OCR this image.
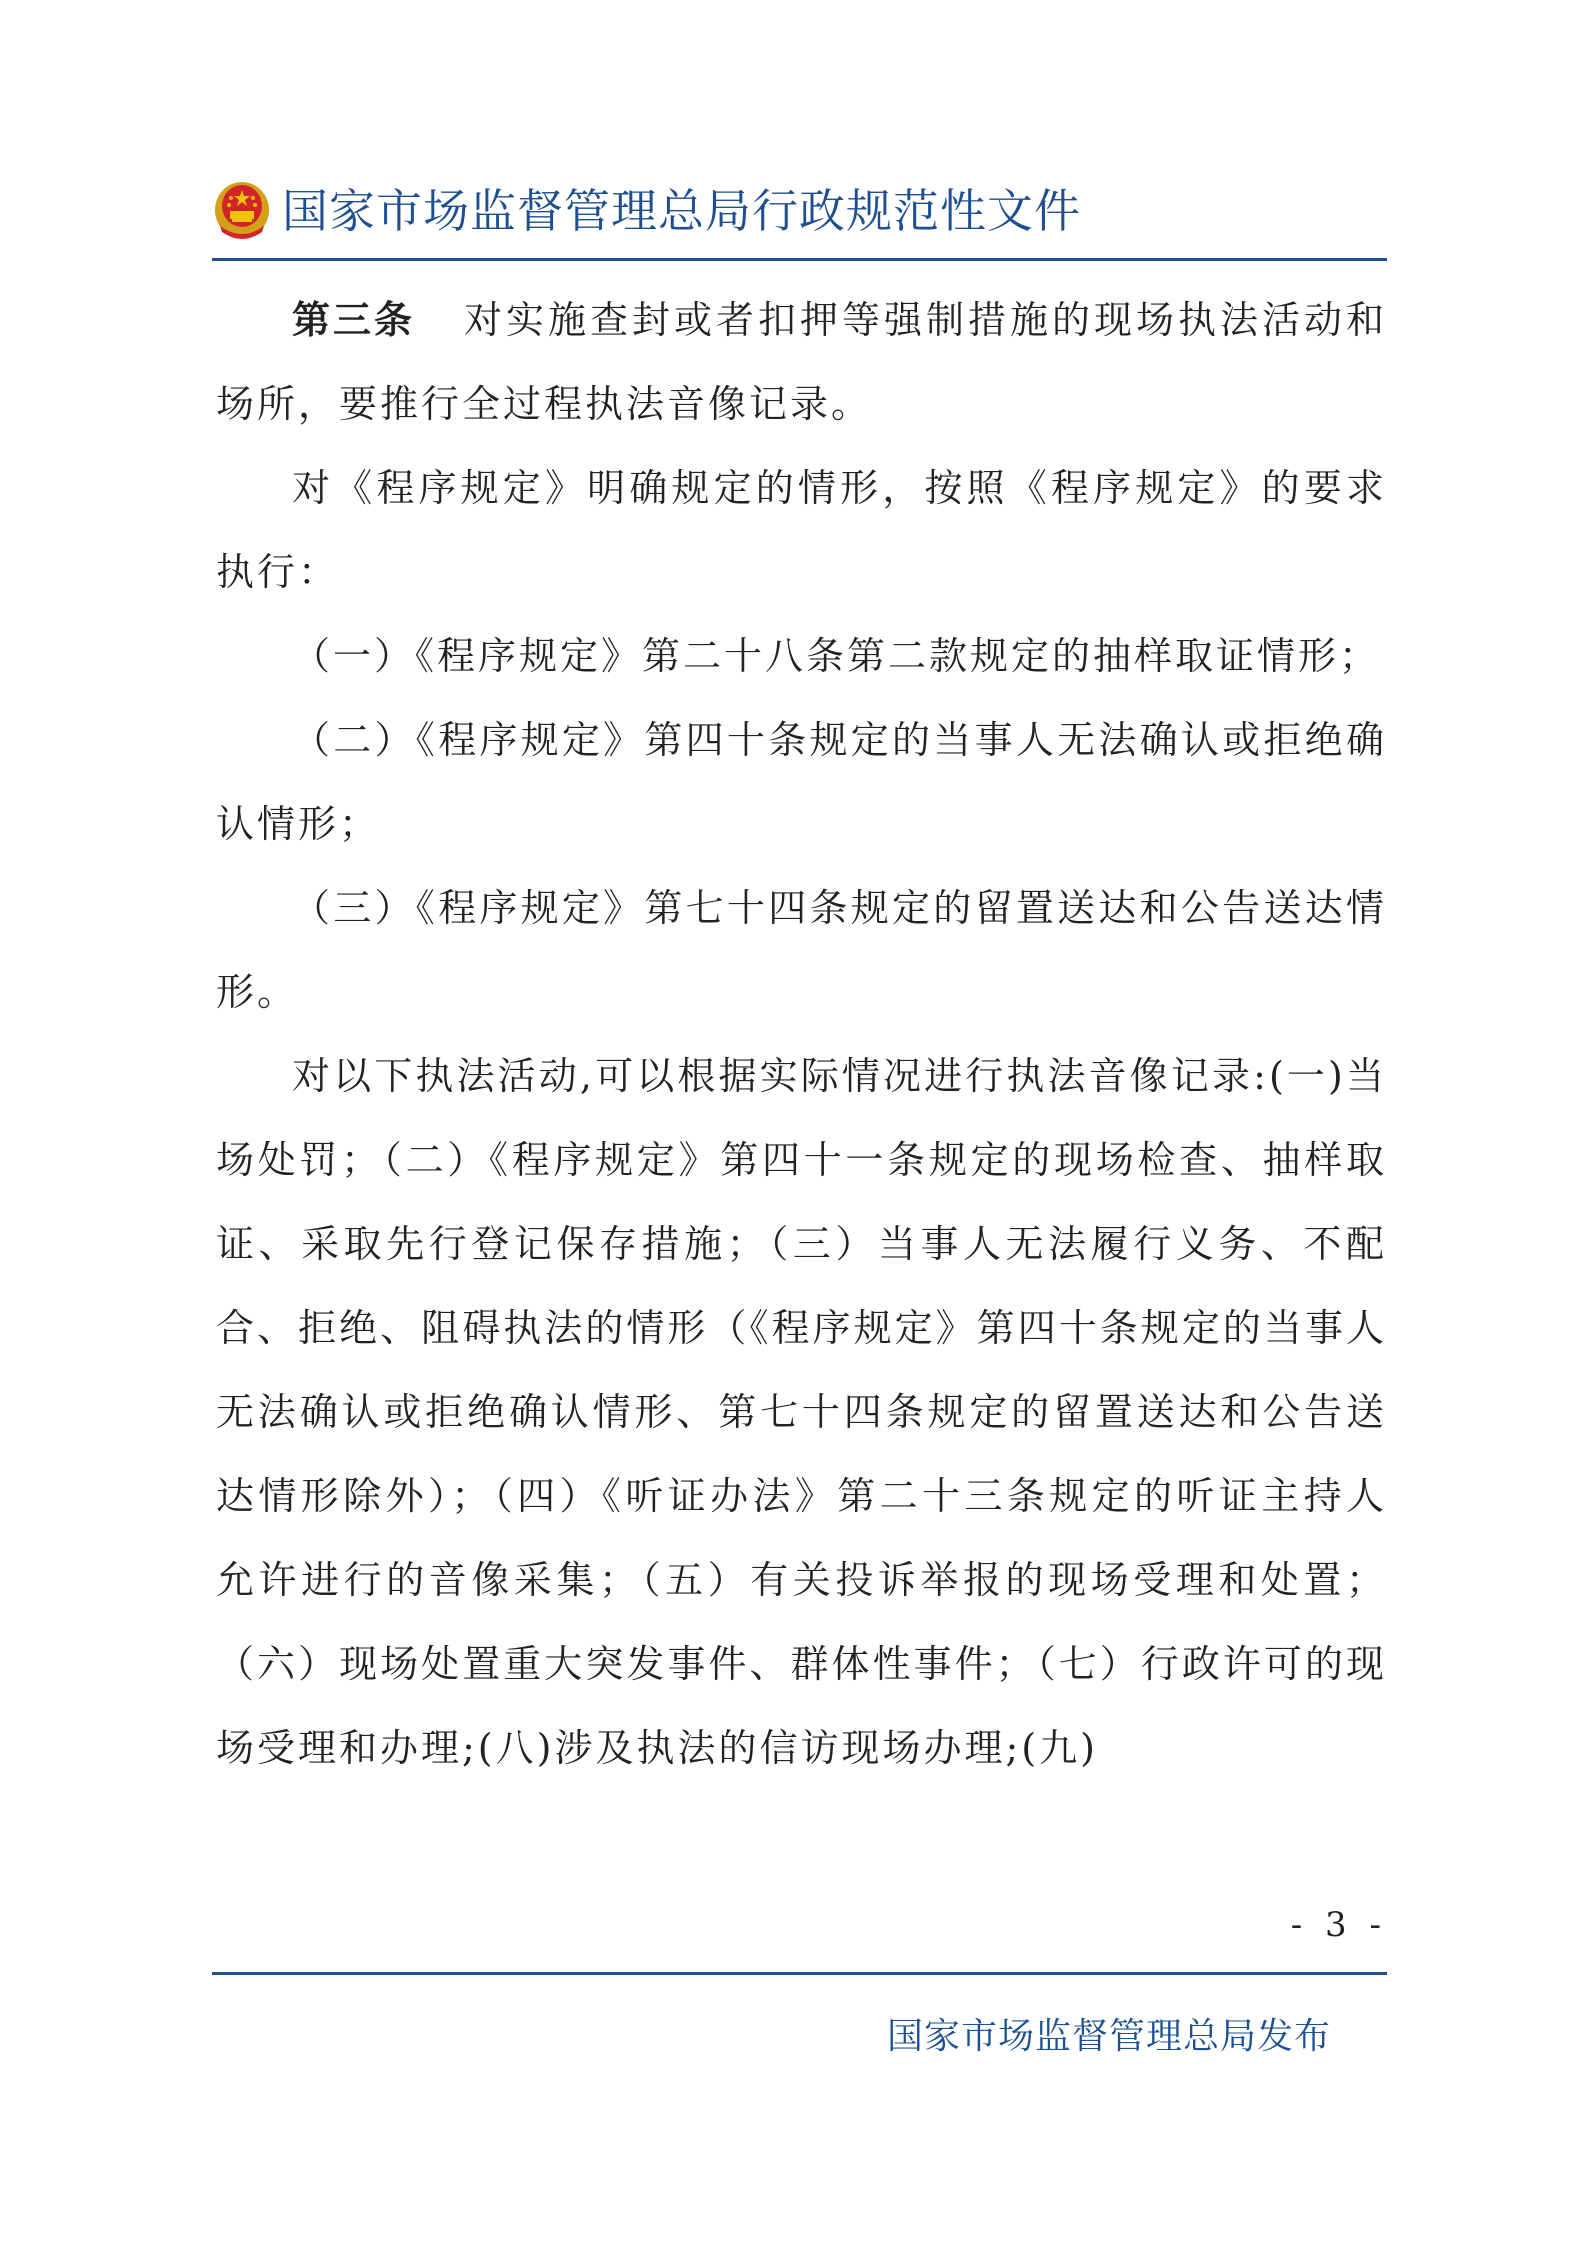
国家市场监督管理总局行政规范性文件

第三条 对实施查封或者扣押等强制措施的现场执法活动和场所，要推行全过程执法音像记录。

对《程序规定》明确规定的情形，按照《程序规定》的要求执行：

（一）《程序规定》第二十八条第二款规定的抽样取证情形；

（二）《程序规定》第四十条规定的当事人无法确认或拒绝确认情形；

（三）《程序规定》第七十四条规定的留置送达和公告送达情形。

对以下执法活动,可以根据实际情况进行执法音像记录:(一)当场处罚；（二）《程序规定》第四十一条规定的现场检查、抽样取证、采取先行登记保存措施；（三）当事人无法履行义务、不配合、拒绝、阻碍执法的情形（《程序规定》第四十条规定的当事人无法确认或拒绝确认情形、第七十四条规定的留置送达和公告送达情形除外）；（四）《听证办法》第二十三条规定的听证主持人允许进行的音像采集；（五）有关投诉举报的现场受理和处置；（六）现场处置重大突发事件、群体性事件；（七）行政许可的现场受理和办理;(八)涉及执法的信访现场办理;(九)

- 3 -
国家市场监督管理总局发布
